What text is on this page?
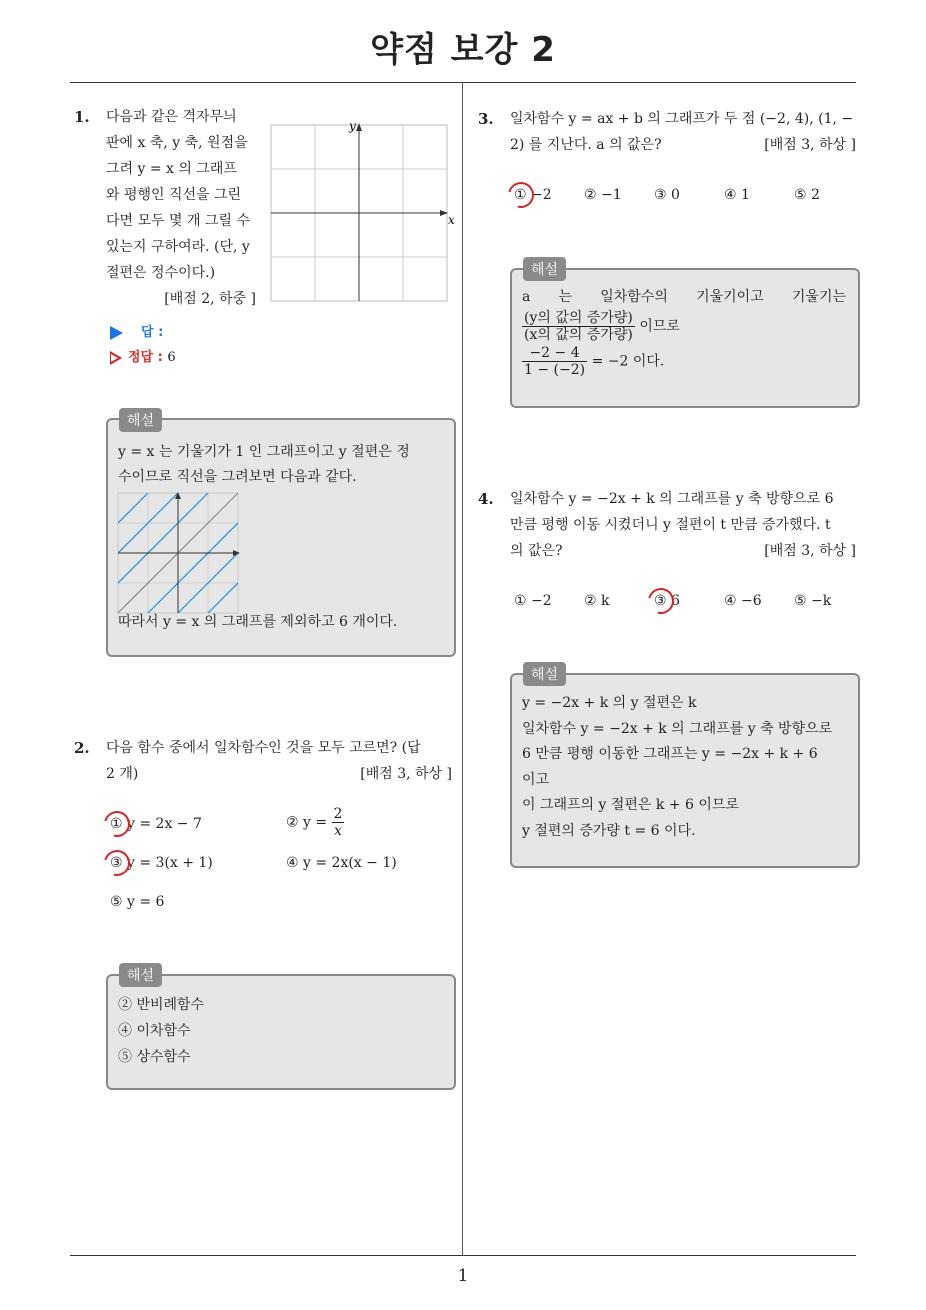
약점 보강 2
1. 다음과 같은 격자무늬
판에 x 축, y 축, 원점을
그려 y = x 의 그래프
와 평행인 직선을 그린
다면 모두 몇 개 그릴 수
있는지 구하여라. (단, y
절편은 정수이다.)
[배점 2, 하중 ]
x
y
답 :
정답 : 6
해설
y = x 는 기울기가 1 인 그래프이고 y 절편은 정
수이므로 직선을 그려보면 다음과 같다.
따라서 y = x 의 그래프를 제외하고 6 개이다.
2. 다음 함수 중에서 일차함수인 것을 모두 고르면? (답
2 개)	[배점 3, 하상 ]
① y = 2x − 7	② $y = \frac{2}{x}$
③ y = 3(x + 1)	④ y = 2x(x − 1)
⑤ y = 6
해설
② 반비례함수
④ 이차함수
⑤ 상수함수
3. 일차함수 y = ax + b 의 그래프가 두 점 (−2, 4), (1, −
2) 를 지난다. a 의 값은?	[배점 3, 하상 ]
① −2 ② −1 ③ 0	④ 1	⑤ 2
해설
a 는 일차함수의 기울기이고 기울기는
$\frac{\text{(y의 값의 증가량)}}{\text{(x의 값의 증가량)}}$ 이므로
$\frac{-2 - 4}{1 - (-2)} = -2$ 이다.
4. 일차함수 y = −2x + k 의 그래프를 y 축 방향으로 6
만큼 평행 이동 시켰더니 y 절편이 t 만큼 증가했다. t
의 값은?	[배점 3, 하상 ]
① −2 ② k	③ 6	④ −6 ⑤ −k
해설
y = −2x + k 의 y 절편은 k
일차함수 y = −2x + k 의 그래프를 y 축 방향으로
6 만큼 평행 이동한 그래프는 y = −2x + k + 6
이고
이 그래프의 y 절편은 k + 6 이므로
y 절편의 증가량 t = 6 이다.
1
